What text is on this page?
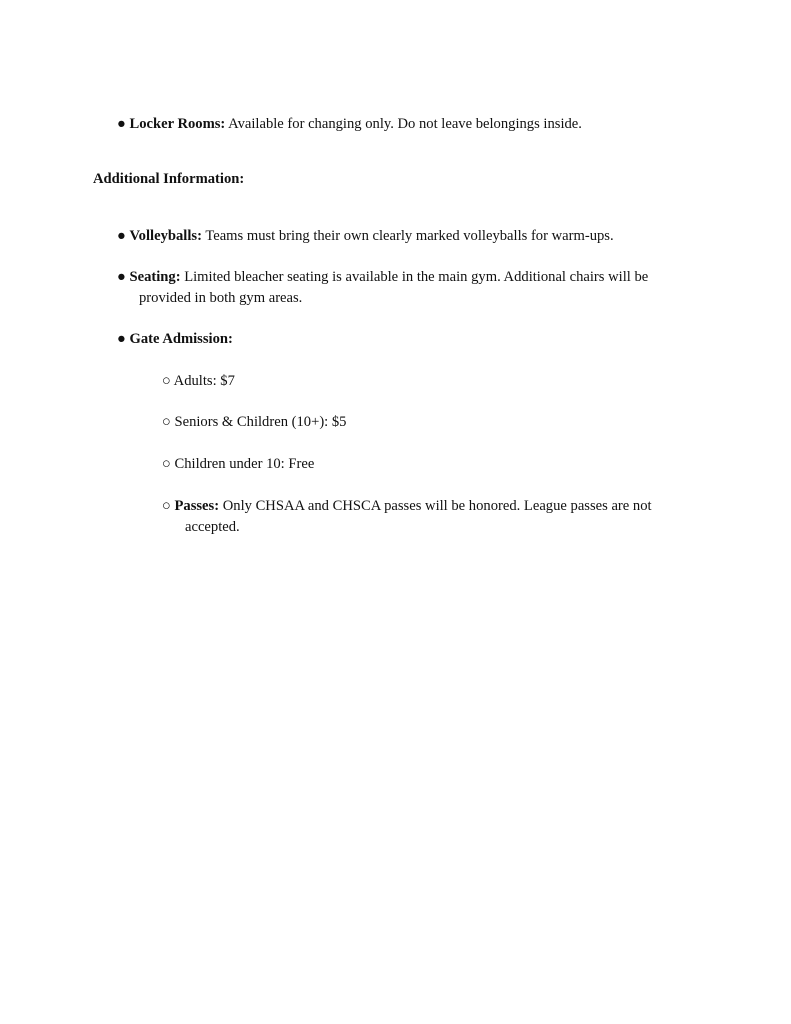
● Locker Rooms: Available for changing only. Do not leave belongings inside.
Additional Information:
● Volleyballs: Teams must bring their own clearly marked volleyballs for warm-ups.
● Seating: Limited bleacher seating is available in the main gym. Additional chairs will be
provided in both gym areas.
● Gate Admission:
○ Adults: $7
○ Seniors & Children (10+): $5
○ Children under 10: Free
○ Passes: Only CHSAA and CHSCA passes will be honored. League passes are not
accepted.
